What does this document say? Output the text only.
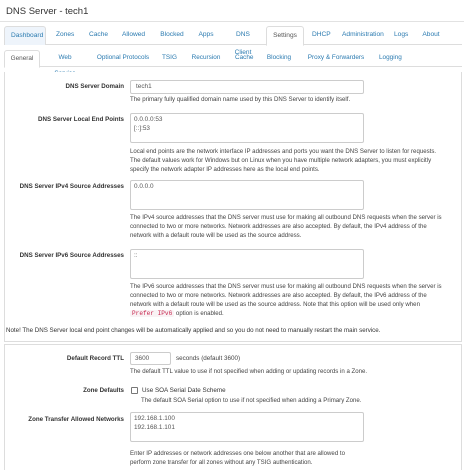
DNS Server - tech1
Dashboard	Zones	Cache	Allowed	Blocked	Apps	DNS Client
Settings	DHCP	Administration	Logs	About
General	Web	Optional Protocols	TSIG	Recursion	Cache	Blocking	Proxy & Forwarders	Logging
DNS Server Domain	tech1
The primary fully qualified domain name used by this DNS Server to identify itself.
DNS Server Local End Points	0.0.0.0:53
[::]:53
Local end points are the network interface IP addresses and ports you want the DNS Server to listen for requests.
The default values work for Windows but on Linux when you have multiple network adapters, you must explicitly
specify the network adapter IP addresses here as the local end points.
DNS Server IPv4 Source Addresses	0.0.0.0
The IPv4 source addresses that the DNS server must use for making all outbound DNS requests when the server is
connected to two or more networks. Network addresses are also accepted. By default, the IPv4 address of the
network with a default route will be used as the source address.
DNS Server IPv6 Source Addresses	::
The IPv6 source addresses that the DNS server must use for making all outbound DNS requests when the server is
connected to two or more networks. Network addresses are also accepted. By default, the IPv6 address of the
network with a default route will be used as the source address. Note that this option will be used only when
Prefer IPv6 option is enabled.
Note! The DNS Server local end point changes will be automatically applied and so you do not need to manually restart the main service.
Default Record TTL	3600	seconds (default 3600)
The default TTL value to use if not specified when adding or updating records in a Zone.
Zone Defaults	Use SOA Serial Date Scheme
The default SOA Serial option to use if not specified when adding a Primary Zone.
Zone Transfer Allowed Networks	192.168.1.100
192.168.1.101
Enter IP addresses or network addresses one below another that are allowed to
perform zone transfer for all zones without any TSIG authentication.
